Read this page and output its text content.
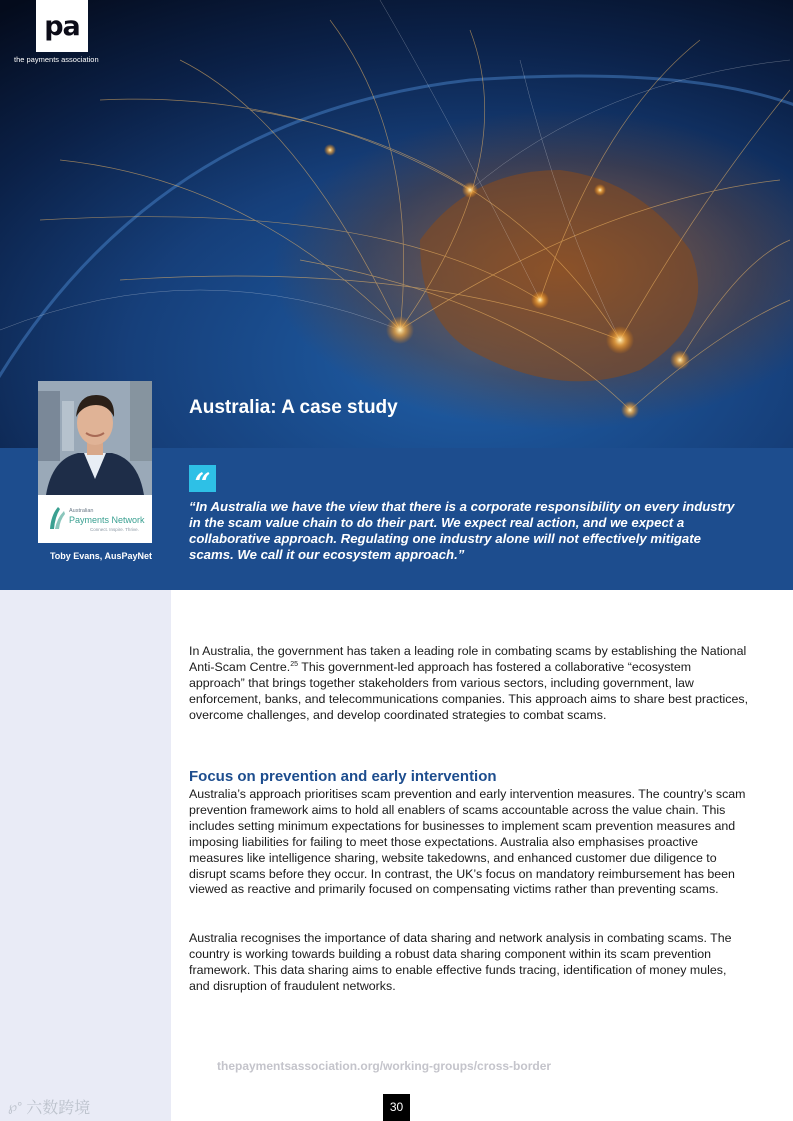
pa
the payments association
Australia: A case study
Australian
Payments Network
Connect. Inspire. Thrive.
Toby Evans, AusPayNet
“

“In Australia we have the view that there is a corporate responsibility on every industry in the scam value chain to do their part. We expect real action, and we expect a collaborative approach. Regulating one industry alone will not effectively mitigate scams. We call it our ecosystem approach.”

In Australia, the government has taken a leading role in combating scams by establishing the National Anti-Scam Centre.$^{25}$ This government-led approach has fostered a collaborative “ecosystem approach” that brings together stakeholders from various sectors, including government, law enforcement, banks, and telecommunications companies. This approach aims to share best practices, overcome challenges, and develop coordinated strategies to combat scams.

Focus on prevention and early intervention

Australia’s approach prioritises scam prevention and early intervention measures. The country’s scam prevention framework aims to hold all enablers of scams accountable across the value chain. This includes setting minimum expectations for businesses to implement scam prevention measures and imposing liabilities for failing to meet those expectations. Australia also emphasises proactive measures like intelligence sharing, website takedowns, and enhanced customer due diligence to disrupt scams before they occur. In contrast, the UK’s focus on mandatory reimbursement has been viewed as reactive and primarily focused on compensating victims rather than preventing scams.

Australia recognises the importance of data sharing and network analysis in combating scams. The country is working towards building a robust data sharing component within its scam prevention framework. This data sharing aims to enable effective funds tracing, identification of money mules, and disruption of fraudulent networks.

thepaymentsassociation.org/working-groups/cross-border
30
℘° 六数跨境
